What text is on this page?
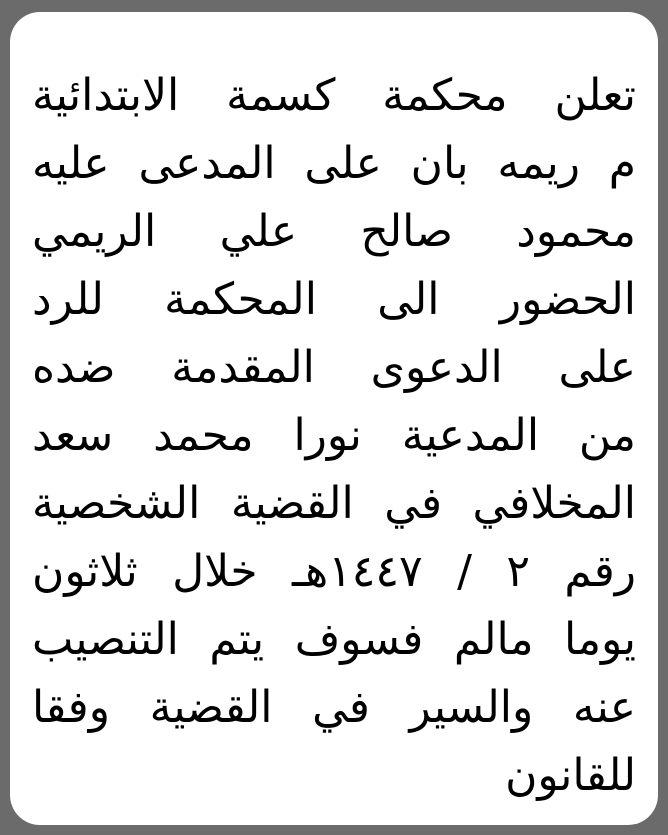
تعلن محكمة كسمة الابتدائية
م ريمه بان على المدعى عليه
محمود صالح علي الريمي
الحضور الى المحكمة للرد
على الدعوى المقدمة ضده
من المدعية نورا محمد سعد
المخلافي في القضية الشخصية
رقم ٢ / ١٤٤٧هـ خلال ثلاثون
يوما مالم فسوف يتم التنصيب
عنه والسير في القضية وفقا
للقانون
